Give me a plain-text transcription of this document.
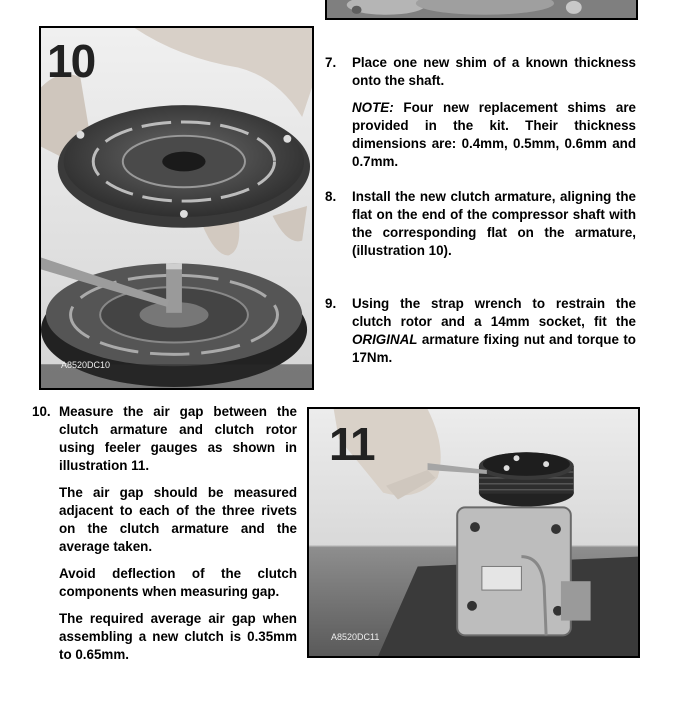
10
A8520DC10
11
A8520DC11
7. Place one new shim of a known thickness onto the shaft.

NOTE: Four new replacement shims are provided in the kit. Their thickness dimensions are: 0.4mm, 0.5mm, 0.6mm and 0.7mm.

8. Install the new clutch armature, aligning the flat on the end of the compressor shaft with the corresponding flat on the armature, (illustration 10).

9. Using the strap wrench to restrain the clutch rotor and a 14mm socket, fit the ORIGINAL armature fixing nut and torque to 17Nm.

10. Measure the air gap between the clutch armature and clutch rotor using feeler gauges as shown in illustration 11.

The air gap should be measured adjacent to each of the three rivets on the clutch armature and the average taken.

Avoid deflection of the clutch components when measuring gap.

The required average air gap when assembling a new clutch is 0.35mm to 0.65mm.
